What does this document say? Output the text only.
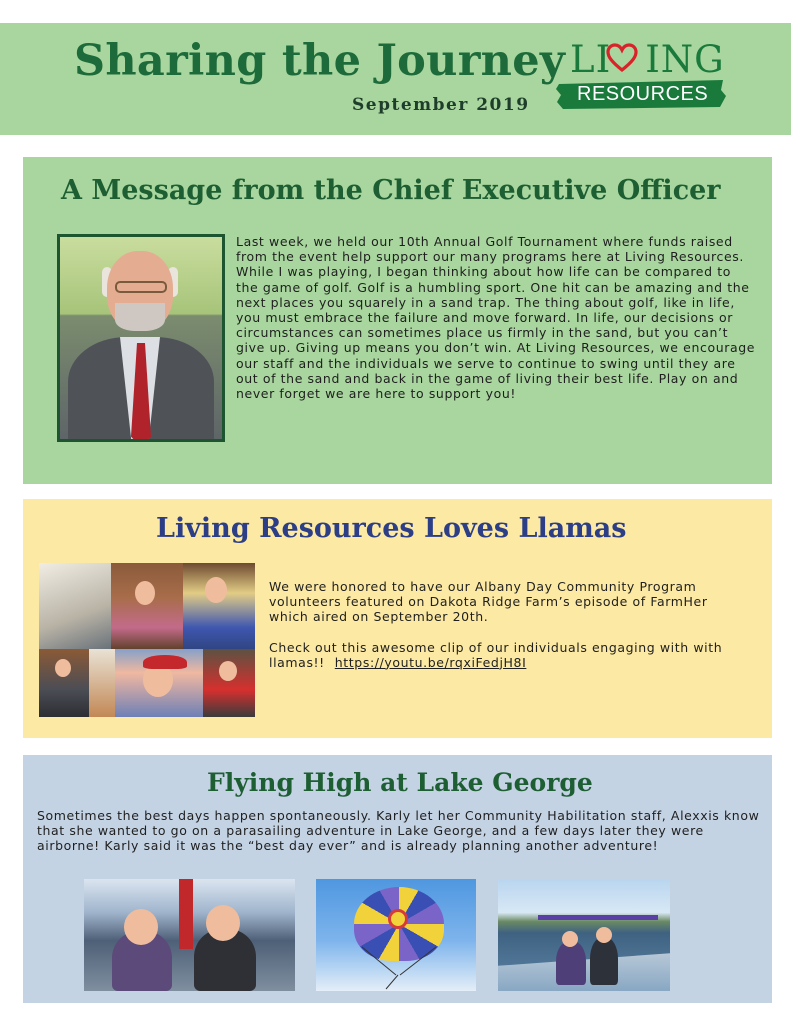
Sharing the Journey
September 2019
LI ING
RESOURCES
A Message from the Chief Executive Officer
Last week, we held our 10th Annual Golf Tournament where funds raised from the event help support our many programs here at Living Resources. While I was playing, I began thinking about how life can be compared to the game of golf. Golf is a humbling sport. One hit can be amazing and the next places you squarely in a sand trap. The thing about golf, like in life, you must embrace the failure and move forward. In life, our decisions or circumstances can sometimes place us firmly in the sand, but you can’t give up. Giving up means you don’t win. At Living Resources, we encourage our staff and the individuals we serve to continue to swing until they are out of the sand and back in the game of living their best life. Play on and never forget we are here to support you!
Living Resources Loves Llamas
We were honored to have our Albany Day Community Program volunteers featured on Dakota Ridge Farm’s episode of FarmHer which aired on September 20th.
Check out this awesome clip of our individuals engaging with with llamas!! https://youtu.be/rqxiFedjH8I
Flying High at Lake George
Sometimes the best days happen spontaneously. Karly let her Community Habilitation staff, Alexxis know that she wanted to go on a parasailing adventure in Lake George, and a few days later they were airborne! Karly said it was the “best day ever” and is already planning another adventure!
